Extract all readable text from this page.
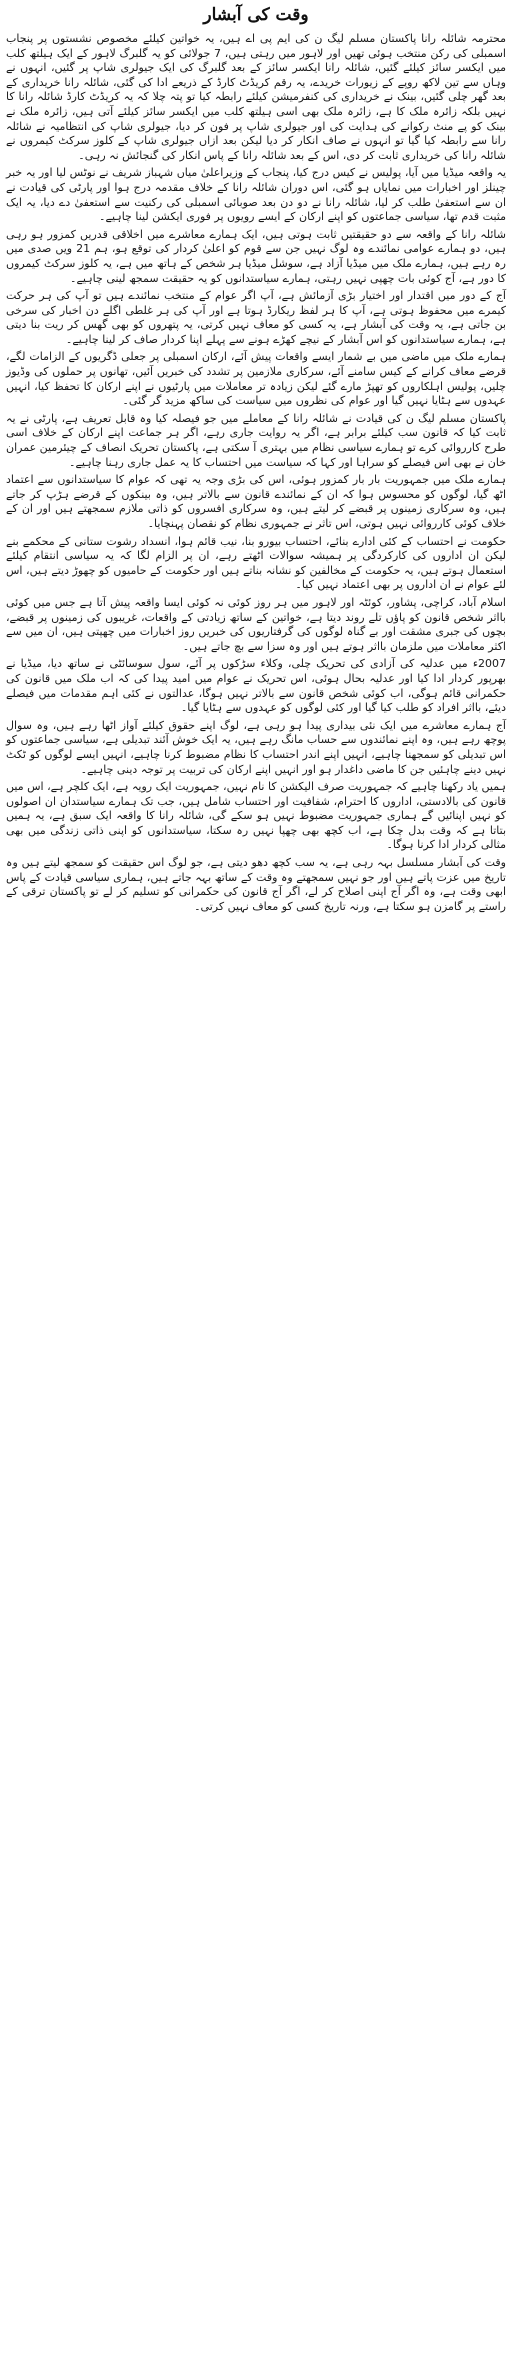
وقت کی آبشار

محترمہ شائلہ رانا پاکستان مسلم لیگ ن کی ایم پی اے ہیں، یہ خواتین کیلئے مخصوص نشستوں پر پنجاب اسمبلی کی رکن منتخب ہوئی تھیں اور لاہور میں رہتی ہیں، 7 جولائی کو یہ گلبرگ لاہور کے ایک ہیلتھ کلب میں ایکسر سائز کیلئے گئیں، شائلہ رانا ایکسر سائز کے بعد گلبرگ کی ایک جیولری شاپ پر گئیں، انہوں نے وہاں سے تین لاکھ روپے کے زیورات خریدے، یہ رقم کریڈٹ کارڈ کے ذریعے ادا کی گئی، شائلہ رانا خریداری کے بعد گھر چلی گئیں، بینک نے خریداری کی کنفرمیشن کیلئے رابطہ کیا تو پتہ چلا کہ یہ کریڈٹ کارڈ شائلہ رانا کا نہیں بلکہ زائرہ ملک کا ہے، زائرہ ملک بھی اسی ہیلتھ کلب میں ایکسر سائز کیلئے آتی ہیں، زائرہ ملک نے بینک کو پے منٹ رکوانے کی ہدایت کی اور جیولری شاپ پر فون کر دیا، جیولری شاپ کی انتظامیہ نے شائلہ رانا سے رابطہ کیا گیا تو انہوں نے صاف انکار کر دیا لیکن بعد ازاں جیولری شاپ کے کلوز سرکٹ کیمروں نے شائلہ رانا کی خریداری ثابت کر دی، اس کے بعد شائلہ رانا کے پاس انکار کی گنجائش نہ رہی۔

یہ واقعہ میڈیا میں آیا، پولیس نے کیس درج کیا، پنجاب کے وزیراعلیٰ میاں شہباز شریف نے نوٹس لیا اور یہ خبر چینلز اور اخبارات میں نمایاں ہو گئی، اس دوران شائلہ رانا کے خلاف مقدمہ درج ہوا اور پارٹی کی قیادت نے ان سے استعفیٰ طلب کر لیا، شائلہ رانا نے دو دن بعد صوبائی اسمبلی کی رکنیت سے استعفیٰ دے دیا، یہ ایک مثبت قدم تھا، سیاسی جماعتوں کو اپنے ارکان کے ایسے رویوں پر فوری ایکشن لینا چاہیے۔

شائلہ رانا کے واقعہ سے دو حقیقتیں ثابت ہوتی ہیں، ایک ہمارے معاشرے میں اخلاقی قدریں کمزور ہو رہی ہیں، دو ہمارے عوامی نمائندے وہ لوگ نہیں جن سے قوم کو اعلیٰ کردار کی توقع ہو، ہم 21 ویں صدی میں رہ رہے ہیں، ہمارے ملک میں میڈیا آزاد ہے، سوشل میڈیا ہر شخص کے ہاتھ میں ہے، یہ کلوز سرکٹ کیمروں کا دور ہے، آج کوئی بات چھپی نہیں رہتی، ہمارے سیاستدانوں کو یہ حقیقت سمجھ لینی چاہیے۔

آج کے دور میں اقتدار اور اختیار بڑی آزمائش ہے، آپ اگر عوام کے منتخب نمائندے ہیں تو آپ کی ہر حرکت کیمرے میں محفوظ ہوتی ہے، آپ کا ہر لفظ ریکارڈ ہوتا ہے اور آپ کی ہر غلطی اگلے دن اخبار کی سرخی بن جاتی ہے، یہ وقت کی آبشار ہے، یہ کسی کو معاف نہیں کرتی، یہ پتھروں کو بھی گھس کر ریت بنا دیتی ہے، ہمارے سیاستدانوں کو اس آبشار کے نیچے کھڑے ہونے سے پہلے اپنا کردار صاف کر لینا چاہیے۔

ہمارے ملک میں ماضی میں بے شمار ایسے واقعات پیش آئے، ارکان اسمبلی پر جعلی ڈگریوں کے الزامات لگے، قرضے معاف کرانے کے کیس سامنے آئے، سرکاری ملازمین پر تشدد کی خبریں آئیں، تھانوں پر حملوں کی وڈیوز چلیں، پولیس اہلکاروں کو تھپڑ مارے گئے لیکن زیادہ تر معاملات میں پارٹیوں نے اپنے ارکان کا تحفظ کیا، انہیں عہدوں سے ہٹایا نہیں گیا اور عوام کی نظروں میں سیاست کی ساکھ مزید گر گئی۔

پاکستان مسلم لیگ ن کی قیادت نے شائلہ رانا کے معاملے میں جو فیصلہ کیا وہ قابل تعریف ہے، پارٹی نے یہ ثابت کیا کہ قانون سب کیلئے برابر ہے، اگر یہ روایت جاری رہے، اگر ہر جماعت اپنے ارکان کے خلاف اسی طرح کارروائی کرے تو ہمارے سیاسی نظام میں بہتری آ سکتی ہے، پاکستان تحریک انصاف کے چیئرمین عمران خان نے بھی اس فیصلے کو سراہا اور کہا کہ سیاست میں احتساب کا یہ عمل جاری رہنا چاہیے۔

ہمارے ملک میں جمہوریت بار بار کمزور ہوئی، اس کی بڑی وجہ یہ تھی کہ عوام کا سیاستدانوں سے اعتماد اٹھ گیا، لوگوں کو محسوس ہوا کہ ان کے نمائندے قانون سے بالاتر ہیں، وہ بینکوں کے قرضے ہڑپ کر جاتے ہیں، وہ سرکاری زمینوں پر قبضے کر لیتے ہیں، وہ سرکاری افسروں کو ذاتی ملازم سمجھتے ہیں اور ان کے خلاف کوئی کارروائی نہیں ہوتی، اس تاثر نے جمہوری نظام کو نقصان پہنچایا۔

حکومت نے احتساب کے کئی ادارے بنائے، احتساب بیورو بنا، نیب قائم ہوا، انسداد رشوت ستانی کے محکمے بنے لیکن ان اداروں کی کارکردگی پر ہمیشہ سوالات اٹھتے رہے، ان پر الزام لگا کہ یہ سیاسی انتقام کیلئے استعمال ہوتے ہیں، یہ حکومت کے مخالفین کو نشانہ بناتے ہیں اور حکومت کے حامیوں کو چھوڑ دیتے ہیں، اس لئے عوام نے ان اداروں پر بھی اعتماد نہیں کیا۔

اسلام آباد، کراچی، پشاور، کوئٹہ اور لاہور میں ہر روز کوئی نہ کوئی ایسا واقعہ پیش آتا ہے جس میں کوئی بااثر شخص قانون کو پاؤں تلے روند دیتا ہے، خواتین کے ساتھ زیادتی کے واقعات، غریبوں کی زمینوں پر قبضے، بچوں کی جبری مشقت اور بے گناہ لوگوں کی گرفتاریوں کی خبریں روز اخبارات میں چھپتی ہیں، ان میں سے اکثر معاملات میں ملزمان بااثر ہوتے ہیں اور وہ سزا سے بچ جاتے ہیں۔

2007ء میں عدلیہ کی آزادی کی تحریک چلی، وکلاء سڑکوں پر آئے، سول سوسائٹی نے ساتھ دیا، میڈیا نے بھرپور کردار ادا کیا اور عدلیہ بحال ہوئی، اس تحریک نے عوام میں امید پیدا کی کہ اب ملک میں قانون کی حکمرانی قائم ہوگی، اب کوئی شخص قانون سے بالاتر نہیں ہوگا، عدالتوں نے کئی اہم مقدمات میں فیصلے دیئے، بااثر افراد کو طلب کیا گیا اور کئی لوگوں کو عہدوں سے ہٹایا گیا۔

آج ہمارے معاشرے میں ایک نئی بیداری پیدا ہو رہی ہے، لوگ اپنے حقوق کیلئے آواز اٹھا رہے ہیں، وہ سوال پوچھ رہے ہیں، وہ اپنے نمائندوں سے حساب مانگ رہے ہیں، یہ ایک خوش آئند تبدیلی ہے، سیاسی جماعتوں کو اس تبدیلی کو سمجھنا چاہیے، انہیں اپنے اندر احتساب کا نظام مضبوط کرنا چاہیے، انہیں ایسے لوگوں کو ٹکٹ نہیں دینے چاہئیں جن کا ماضی داغدار ہو اور انہیں اپنے ارکان کی تربیت پر توجہ دینی چاہیے۔

ہمیں یاد رکھنا چاہیے کہ جمہوریت صرف الیکشن کا نام نہیں، جمہوریت ایک رویہ ہے، ایک کلچر ہے، اس میں قانون کی بالادستی، اداروں کا احترام، شفافیت اور احتساب شامل ہیں، جب تک ہمارے سیاستدان ان اصولوں کو نہیں اپنائیں گے ہماری جمہوریت مضبوط نہیں ہو سکے گی، شائلہ رانا کا واقعہ ایک سبق ہے، یہ ہمیں بتاتا ہے کہ وقت بدل چکا ہے، اب کچھ بھی چھپا نہیں رہ سکتا، سیاستدانوں کو اپنی ذاتی زندگی میں بھی مثالی کردار ادا کرنا ہوگا۔

وقت کی آبشار مسلسل بہہ رہی ہے، یہ سب کچھ دھو دیتی ہے، جو لوگ اس حقیقت کو سمجھ لیتے ہیں وہ تاریخ میں عزت پاتے ہیں اور جو نہیں سمجھتے وہ وقت کے ساتھ بہہ جاتے ہیں، ہماری سیاسی قیادت کے پاس ابھی وقت ہے، وہ اگر آج اپنی اصلاح کر لے، اگر آج قانون کی حکمرانی کو تسلیم کر لے تو پاکستان ترقی کے راستے پر گامزن ہو سکتا ہے، ورنہ تاریخ کسی کو معاف نہیں کرتی۔
